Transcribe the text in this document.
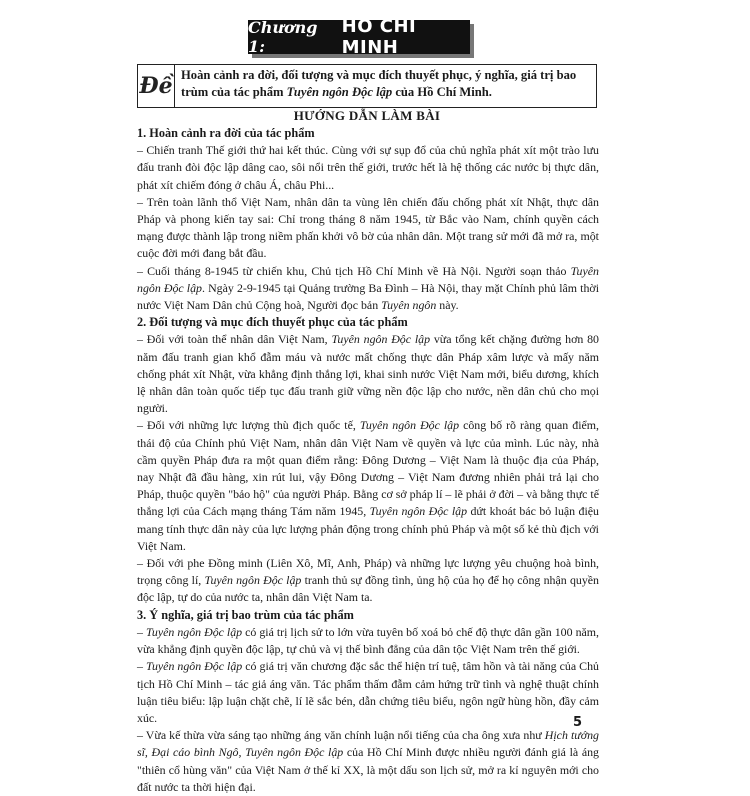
Chương 1:
HỒ CHÍ MINH
Đề Hoàn cảnh ra đời, đối tượng và mục đích thuyết phục, ý nghĩa, giá trị bao
trùm của tác phẩm Tuyên ngôn Độc lập của Hồ Chí Minh.
HƯỚNG DẪN LÀM BÀI

1. Hoàn cảnh ra đời của tác phẩm

– Chiến tranh Thế giới thứ hai kết thúc. Cùng với sự sụp đổ của chủ nghĩa phát xít một trào lưu đấu tranh đòi độc lập dâng cao, sôi nổi trên thế giới, trước hết là hệ thống các nước bị thực dân, phát xít chiếm đóng ở châu Á, châu Phi...

– Trên toàn lãnh thổ Việt Nam, nhân dân ta vùng lên chiến đấu chống phát xít Nhật, thực dân Pháp và phong kiến tay sai: Chỉ trong tháng 8 năm 1945, từ Bắc vào Nam, chính quyền cách mạng được thành lập trong niềm phấn khởi vô bờ của nhân dân. Một trang sử mới đã mở ra, một cuộc đời mới đang bắt đầu.

– Cuối tháng 8-1945 từ chiến khu, Chủ tịch Hồ Chí Minh về Hà Nội. Người soạn thảo Tuyên ngôn Độc lập. Ngày 2-9-1945 tại Quảng trường Ba Đình – Hà Nội, thay mặt Chính phủ lâm thời nước Việt Nam Dân chủ Cộng hoà, Người đọc bản Tuyên ngôn này.

2. Đối tượng và mục đích thuyết phục của tác phẩm

– Đối với toàn thể nhân dân Việt Nam, Tuyên ngôn Độc lập vừa tổng kết chặng đường hơn 80 năm đấu tranh gian khổ đẫm máu và nước mất chống thực dân Pháp xâm lược và mấy năm chống phát xít Nhật, vừa khẳng định thắng lợi, khai sinh nước Việt Nam mới, biểu dương, khích lệ nhân dân toàn quốc tiếp tục đấu tranh giữ vững nền độc lập cho nước, nền dân chủ cho mọi người.

– Đối với những lực lượng thù địch quốc tế, Tuyên ngôn Độc lập công bố rõ ràng quan điểm, thái độ của Chính phủ Việt Nam, nhân dân Việt Nam về quyền và lực của mình. Lúc này, nhà cầm quyền Pháp đưa ra một quan điểm rằng: Đông Dương – Việt Nam là thuộc địa của Pháp, nay Nhật đã đầu hàng, xin rút lui, vậy Đông Dương – Việt Nam đương nhiên phải trả lại cho Pháp, thuộc quyền "bảo hộ" của người Pháp. Bằng cơ sở pháp lí – lẽ phải ở đời – và bằng thực tế thắng lợi của Cách mạng tháng Tám năm 1945, Tuyên ngôn Độc lập dứt khoát bác bỏ luận điệu mang tính thực dân này của lực lượng phản động trong chính phủ Pháp và một số kẻ thù địch với Việt Nam.

– Đối với phe Đồng minh (Liên Xô, Mĩ, Anh, Pháp) và những lực lượng yêu chuộng hoà bình, trọng công lí, Tuyên ngôn Độc lập tranh thủ sự đồng tình, ủng hộ của họ để họ công nhận quyền độc lập, tự do của nước ta, nhân dân Việt Nam ta.

3. Ý nghĩa, giá trị bao trùm của tác phẩm

– Tuyên ngôn Độc lập có giá trị lịch sử to lớn vừa tuyên bố xoá bỏ chế độ thực dân gần 100 năm, vừa khẳng định quyền độc lập, tự chủ và vị thế bình đẳng của dân tộc Việt Nam trên thế giới.

– Tuyên ngôn Độc lập có giá trị văn chương đặc sắc thể hiện trí tuệ, tâm hồn và tài năng của Chủ tịch Hồ Chí Minh – tác giả áng văn. Tác phẩm thấm đẫm cảm hứng trữ tình và nghệ thuật chính luận tiêu biểu: lập luận chặt chẽ, lí lẽ sắc bén, dẫn chứng tiêu biểu, ngôn ngữ hùng hồn, đầy cảm xúc.

– Vừa kế thừa vừa sáng tạo những áng văn chính luận nổi tiếng của cha ông xưa như Hịch tướng sĩ, Đại cáo bình Ngô, Tuyên ngôn Độc lập của Hồ Chí Minh được nhiều người đánh giá là áng "thiên cổ hùng văn" của Việt Nam ở thế kỉ XX, là một dấu son lịch sử, mở ra kỉ nguyên mới cho đất nước ta thời hiện đại.

5
